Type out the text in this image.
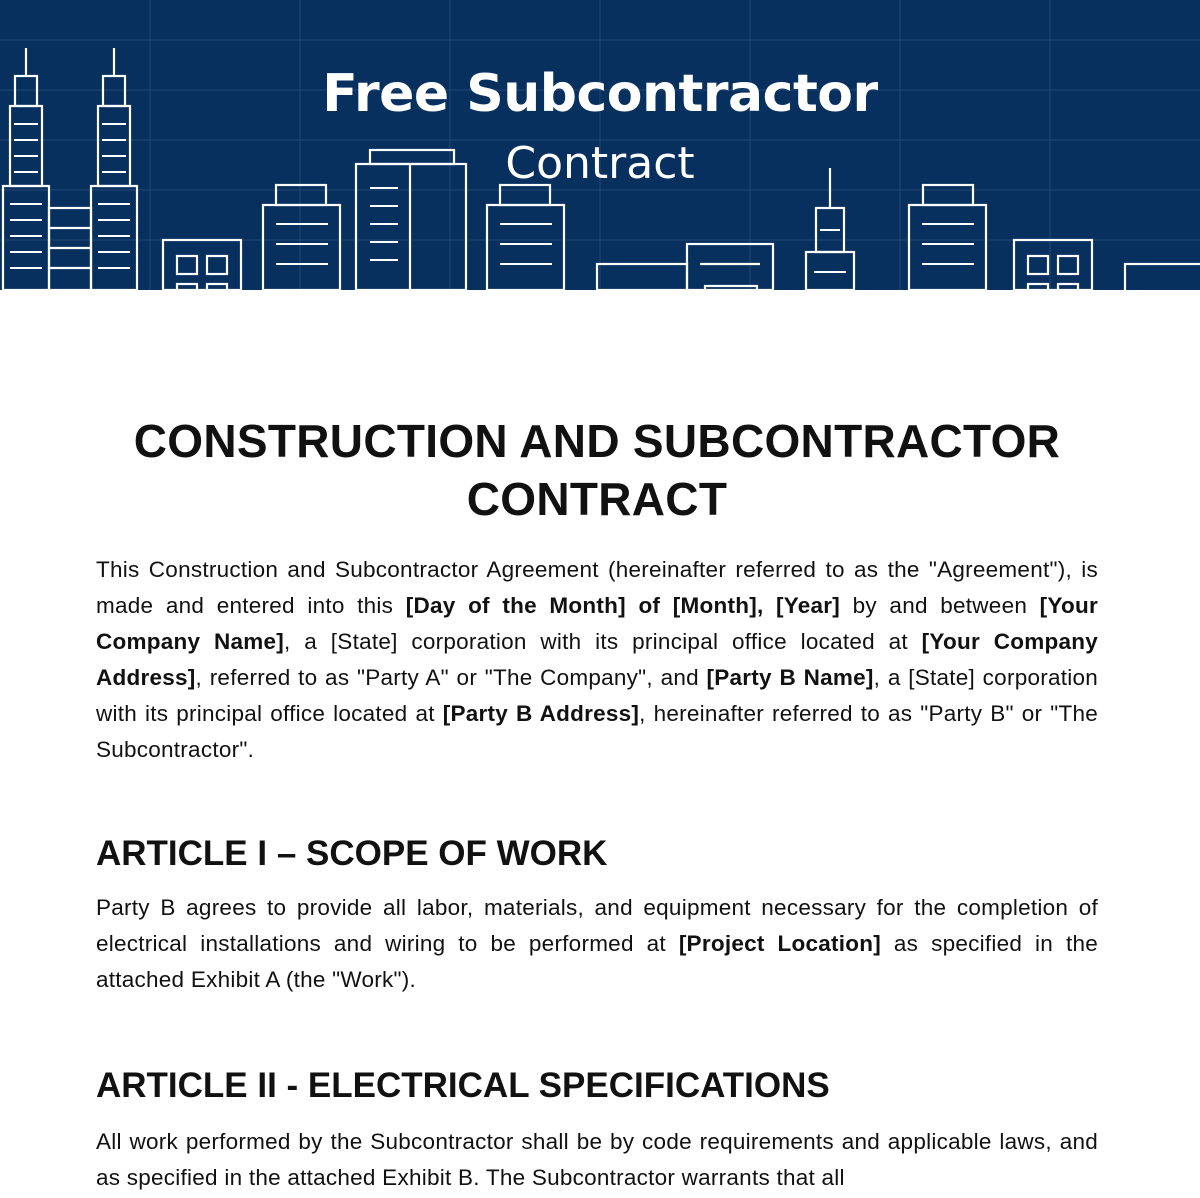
Free Subcontractor
Contract
CONSTRUCTION AND SUBCONTRACTOR CONTRACT

This Construction and Subcontractor Agreement (hereinafter referred to as the "Agreement"), is made and entered into this [Day of the Month] of [Month], [Year] by and between [Your Company Name], a [State] corporation with its principal office located at [Your Company Address], referred to as "Party A" or "The Company", and [Party B Name], a [State] corporation with its principal office located at [Party B Address], hereinafter referred to as "Party B" or "The Subcontractor".

ARTICLE I – SCOPE OF WORK

Party B agrees to provide all labor, materials, and equipment necessary for the completion of electrical installations and wiring to be performed at [Project Location] as specified in the attached Exhibit A (the "Work").

ARTICLE II - ELECTRICAL SPECIFICATIONS

All work performed by the Subcontractor shall be by code requirements and applicable laws, and as specified in the attached Exhibit B. The Subcontractor warrants that all
